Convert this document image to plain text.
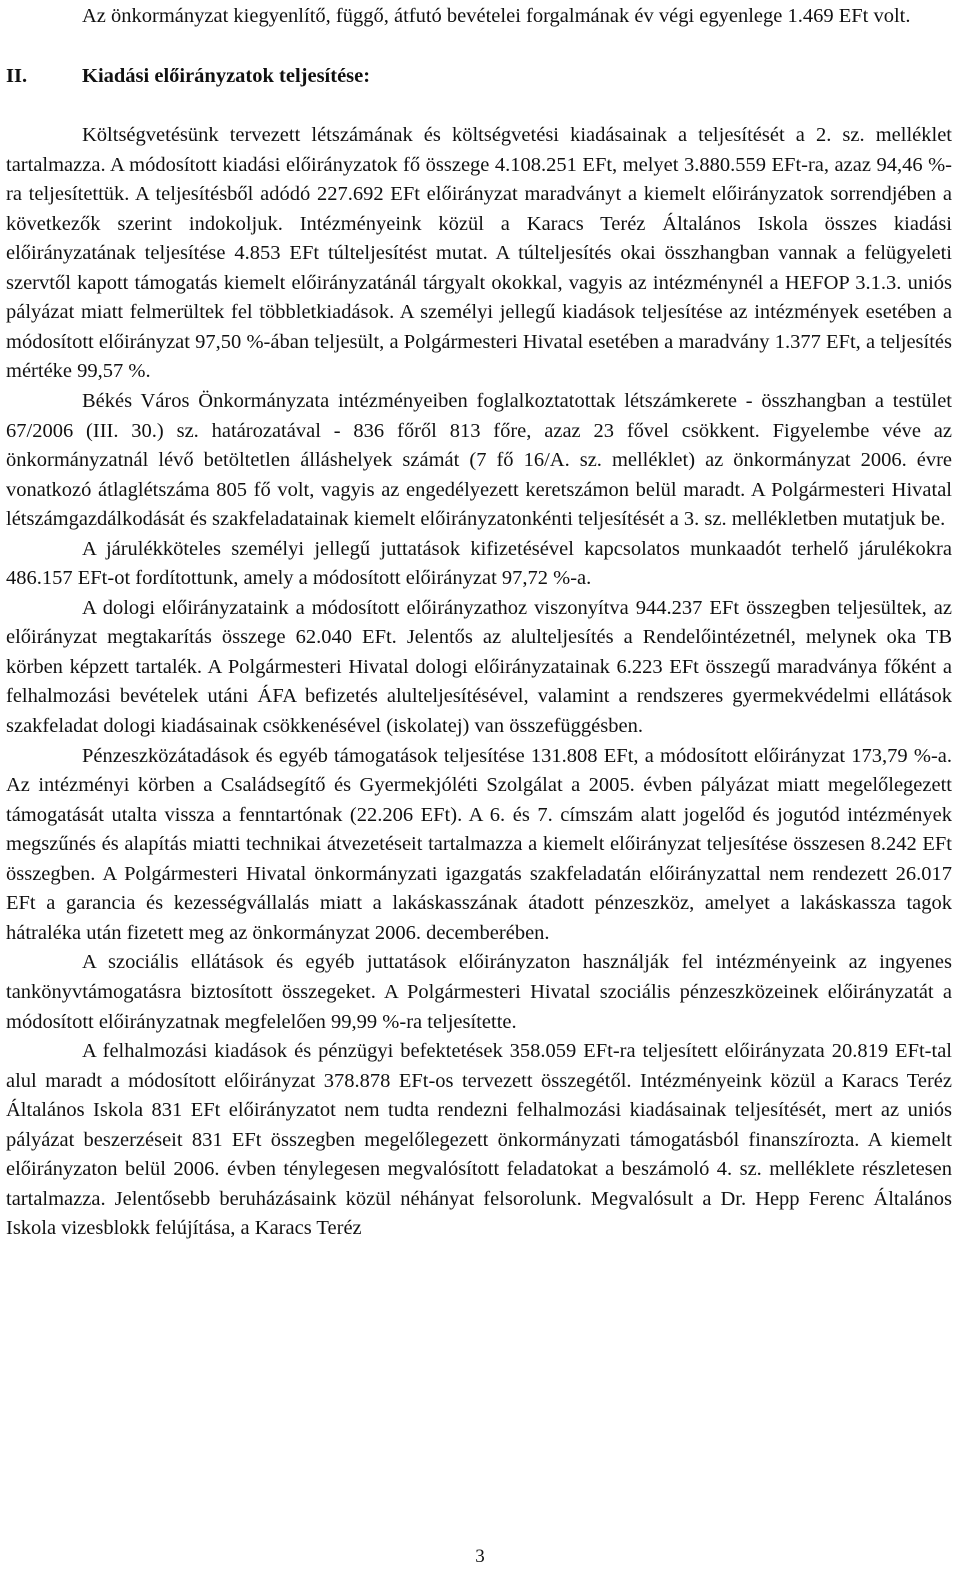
Az önkormányzat kiegyenlítő, függő, átfutó bevételei forgalmának év végi egyenlege 1.469 EFt volt.

II.	Kiadási előirányzatok teljesítése:

Költségvetésünk tervezett létszámának és költségvetési kiadásainak a teljesítését a 2. sz. melléklet tartalmazza. A módosított kiadási előirányzatok fő összege 4.108.251 EFt, melyet 3.880.559 EFt-ra, azaz 94,46 %-ra teljesítettük. A teljesítésből adódó 227.692 EFt előirányzat maradványt a kiemelt előirányzatok sorrendjében a következők szerint indokoljuk. Intézményeink közül a Karacs Teréz Általános Iskola összes kiadási előirányzatának teljesítése 4.853 EFt túlteljesítést mutat. A túlteljesítés okai összhangban vannak a felügyeleti szervtől kapott támogatás kiemelt előirányzatánál tárgyalt okokkal, vagyis az intézménynél a HEFOP 3.1.3. uniós pályázat miatt felmerültek fel többletkiadások. A személyi jellegű kiadások teljesítése az intézmények esetében a módosított előirányzat 97,50 %-ában teljesült, a Polgármesteri Hivatal esetében a maradvány 1.377 EFt, a teljesítés mértéke 99,57 %.

Békés Város Önkormányzata intézményeiben foglalkoztatottak létszámkerete - összhangban a testület 67/2006 (III. 30.) sz. határozatával - 836 főről 813 főre, azaz 23 fővel csökkent. Figyelembe véve az önkormányzatnál lévő betöltetlen álláshelyek számát (7 fő 16/A. sz. melléklet) az önkormányzat 2006. évre vonatkozó átlaglétszáma 805 fő volt, vagyis az engedélyezett keretszámon belül maradt. A Polgármesteri Hivatal létszámgazdálkodását és szakfeladatainak kiemelt előirányzatonkénti teljesítését a 3. sz. mellékletben mutatjuk be.

A járulékköteles személyi jellegű juttatások kifizetésével kapcsolatos munkaadót terhelő járulékokra 486.157 EFt-ot fordítottunk, amely a módosított előirányzat 97,72 %-a.

A dologi előirányzataink a módosított előirányzathoz viszonyítva 944.237 EFt összegben teljesültek, az előirányzat megtakarítás összege 62.040 EFt. Jelentős az alulteljesítés a Rendelőintézetnél, melynek oka TB körben képzett tartalék. A Polgármesteri Hivatal dologi előirányzatainak 6.223 EFt összegű maradványa főként a felhalmozási bevételek utáni ÁFA befizetés alulteljesítésével, valamint a rendszeres gyermekvédelmi ellátások szakfeladat dologi kiadásainak csökkenésével (iskolatej) van összefüggésben.

Pénzeszközátadások és egyéb támogatások teljesítése 131.808 EFt, a módosított előirányzat 173,79 %-a. Az intézményi körben a Családsegítő és Gyermekjóléti Szolgálat a 2005. évben pályázat miatt megelőlegezett támogatását utalta vissza a fenntartónak (22.206 EFt). A 6. és 7. címszám alatt jogelőd és jogutód intézmények megszűnés és alapítás miatti technikai átvezetéseit tartalmazza a kiemelt előirányzat teljesítése összesen 8.242 EFt összegben. A Polgármesteri Hivatal önkormányzati igazgatás szakfeladatán előirányzattal nem rendezett 26.017 EFt a garancia és kezességvállalás miatt a lakáskasszának átadott pénzeszköz, amelyet a lakáskassza tagok hátraléka után fizetett meg az önkormányzat 2006. decemberében.

A szociális ellátások és egyéb juttatások előirányzaton használják fel intézményeink az ingyenes tankönyvtámogatásra biztosított összegeket. A Polgármesteri Hivatal szociális pénzeszközeinek előirányzatát a módosított előirányzatnak megfelelően 99,99 %-ra teljesítette.

A felhalmozási kiadások és pénzügyi befektetések 358.059 EFt-ra teljesített előirányzata 20.819 EFt-tal alul maradt a módosított előirányzat 378.878 EFt-os tervezett összegétől. Intézményeink közül a Karacs Teréz Általános Iskola 831 EFt előirányzatot nem tudta rendezni felhalmozási kiadásainak teljesítését, mert az uniós pályázat beszerzéseit 831 EFt összegben megelőlegezett önkormányzati támogatásból finanszírozta. A kiemelt előirányzaton belül 2006. évben ténylegesen megvalósított feladatokat a beszámoló 4. sz. melléklete részletesen tartalmazza. Jelentősebb beruházásaink közül néhányat felsorolunk. Megvalósult a Dr. Hepp Ferenc Általános Iskola vizesblokk felújítása, a Karacs Teréz

3
